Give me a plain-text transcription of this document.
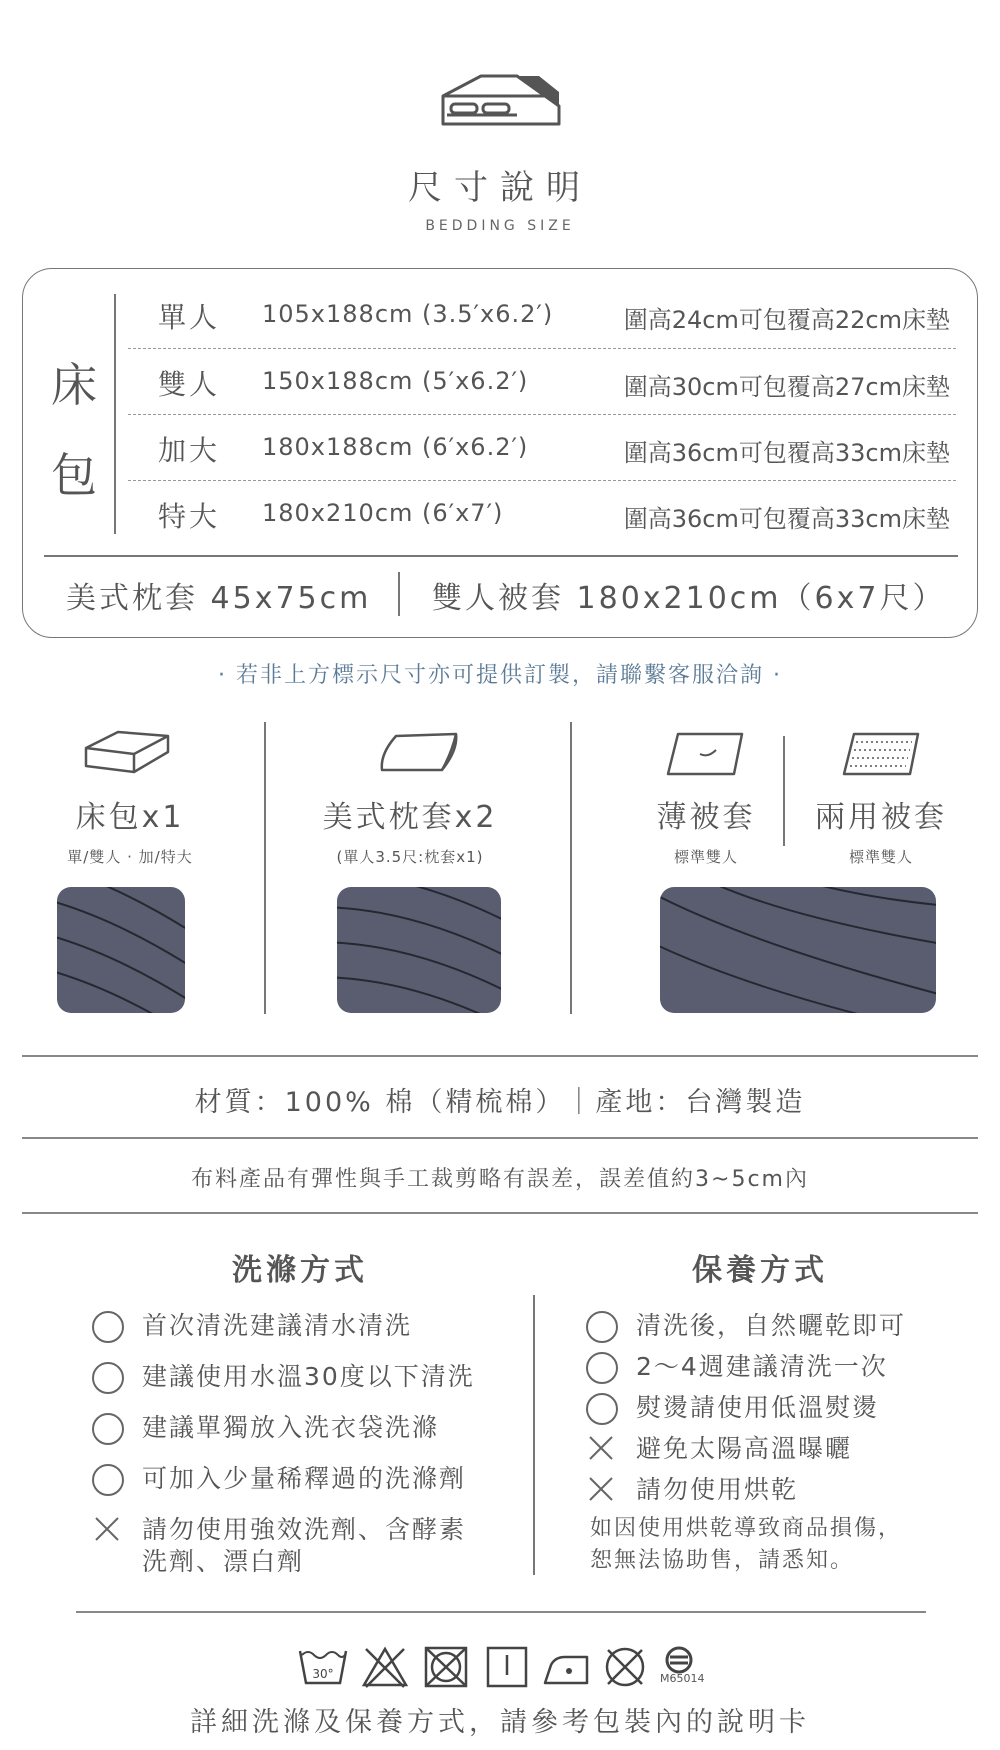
尺寸說明
BEDDING SIZE
床
包
單人 105x188cm (3.5′x6.2′)	圍高24cm可包覆高22cm床墊
雙人 150x188cm (5′x6.2′)	圍高30cm可包覆高27cm床墊
加大 180x188cm (6′x6.2′)	圍高36cm可包覆高33cm床墊
特大 180x210cm (6′x7′)	圍高36cm可包覆高33cm床墊
美式枕套 45x75cm 雙人被套 180x210cm（6x7尺）
· 若非上方標示尺寸亦可提供訂製，請聯繫客服洽詢 ·
床包x1
單/雙人 · 加/特大
美式枕套x2
(單人3.5尺:枕套x1)
薄被套
標準雙人
兩用被套
標準雙人
材質：100% 棉（精梳棉）｜產地：台灣製造
布料產品有彈性與手工裁剪略有誤差，誤差值約3~5cm內
洗滌方式
首次清洗建議清水清洗
建議使用水溫30度以下清洗
建議單獨放入洗衣袋洗滌
可加入少量稀釋過的洗滌劑
請勿使用強效洗劑、含酵素
洗劑、漂白劑
保養方式
清洗後，自然曬乾即可
2～4週建議清洗一次
熨燙請使用低溫熨燙
避免太陽高溫曝曬
請勿使用烘乾
如因使用烘乾導致商品損傷，
恕無法協助售，請悉知。
30°	M65014
詳細洗滌及保養方式，請參考包裝內的說明卡
